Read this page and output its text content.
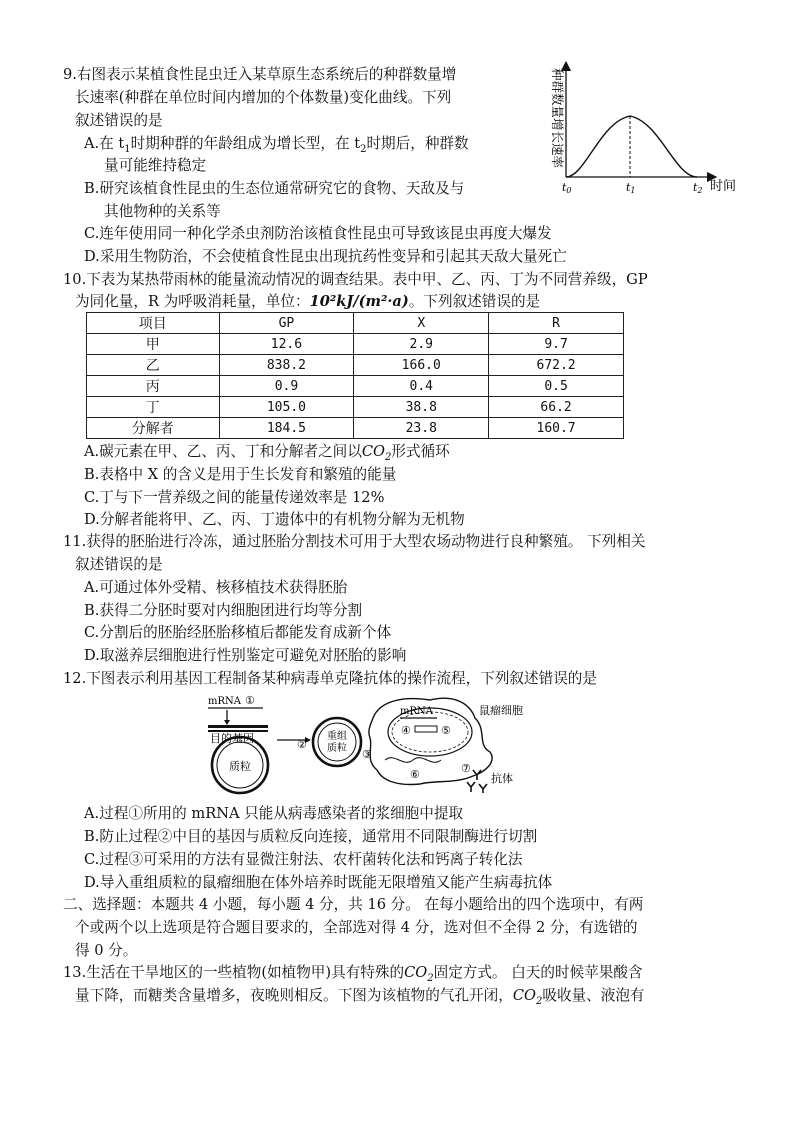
9.右图表示某植食性昆虫迁入某草原生态系统后的种群数量增
长速率(种群在单位时间内增加的个体数量)变化曲线。下列
叙述错误的是
A.在 $t_1$时期种群的年龄组成为增长型，在 $t_2$时期后，种群数
量可能维持稳定
B.研究该植食性昆虫的生态位通常研究它的食物、天敌及与
其他物种的关系等
C.连年使用同一种化学杀虫剂防治该植食性昆虫可导致该昆虫再度大爆发
D.采用生物防治，不会使植食性昆虫出现抗药性变异和引起其天敌大量死亡
种群数量增长速率
t0	t1	t2 时间
10.下表为某热带雨林的能量流动情况的调查结果。表中甲、乙、丙、丁为不同营养级，GP
为同化量，R 为呼吸消耗量，单位：10²kJ/(m²·a)。下列叙述错误的是
项目	GP	X	R
甲	12.6	2.9	9.7
乙	838.2	166.0	672.2
丙	0.9	0.4	0.5
丁	105.0	38.8	66.2
分解者	184.5	23.8	160.7
A.碳元素在甲、乙、丙、丁和分解者之间以$CO_2$形式循环
B.表格中 X 的含义是用于生长发育和繁殖的能量
C.丁与下一营养级之间的能量传递效率是 12%
D.分解者能将甲、乙、丙、丁遗体中的有机物分解为无机物
11.获得的胚胎进行冷冻，通过胚胎分割技术可用于大型农场动物进行良种繁殖。 下列相关
叙述错误的是
A.可通过体外受精、核移植技术获得胚胎
B.获得二分胚时要对内细胞团进行均等分割
C.分割后的胚胎经胚胎移植后都能发育成新个体
D.取滋养层细胞进行性别鉴定可避免对胚胎的影响
12.下图表示利用基因工程制备某种病毒单克隆抗体的操作流程，下列叙述错误的是
mRNA ①
目的基因
质粒
②
重组
质粒 ③
mRNA
④	⑤
鼠瘤细胞
⑥	⑦
抗体
A.过程①所用的 mRNA 只能从病毒感染者的浆细胞中提取
B.防止过程②中目的基因与质粒反向连接，通常用不同限制酶进行切割
C.过程③可采用的方法有显微注射法、农杆菌转化法和钙离子转化法
D.导入重组质粒的鼠瘤细胞在体外培养时既能无限增殖又能产生病毒抗体
二、选择题：本题共 4 小题，每小题 4 分，共 16 分。 在每小题给出的四个选项中，有两
个或两个以上选项是符合题目要求的，全部选对得 4 分，选对但不全得 2 分，有选错的
得 0 分。
13.生活在干旱地区的一些植物(如植物甲)具有特殊的$CO_2$固定方式。 白天的时候苹果酸含
量下降，而糖类含量增多，夜晚则相反。下图为该植物的气孔开闭，$CO_2$吸收量、液泡有
